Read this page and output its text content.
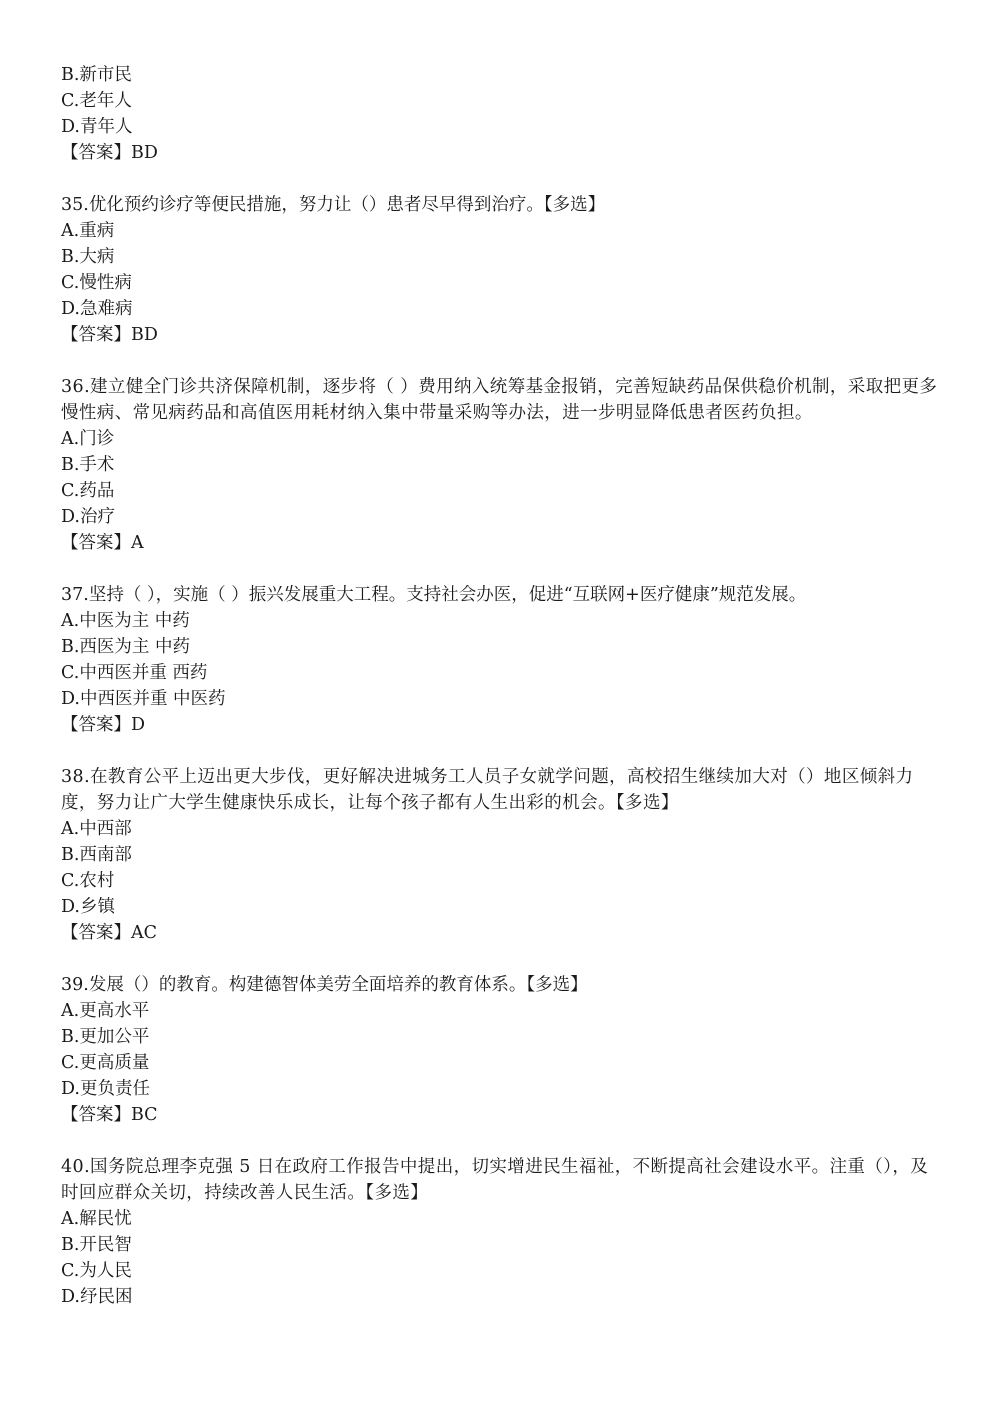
B.新市民
C.老年人
D.青年人
【答案】BD
35.优化预约诊疗等便民措施，努力让（）患者尽早得到治疗。【多选】
A.重病
B.大病
C.慢性病
D.急难病
【答案】BD
36.建立健全门诊共济保障机制，逐步将（ ）费用纳入统筹基金报销，完善短缺药品保供稳价机制，采取把更多慢性病、常见病药品和高值医用耗材纳入集中带量采购等办法，进一步明显降低患者医药负担。
A.门诊
B.手术
C.药品
D.治疗
【答案】A
37.坚持（ ），实施（ ）振兴发展重大工程。支持社会办医，促进“互联网+医疗健康”规范发展。
A.中医为主 中药
B.西医为主 中药
C.中西医并重 西药
D.中西医并重 中医药
【答案】D
38.在教育公平上迈出更大步伐，更好解决进城务工人员子女就学问题，高校招生继续加大对（）地区倾斜力度，努力让广大学生健康快乐成长，让每个孩子都有人生出彩的机会。【多选】
A.中西部
B.西南部
C.农村
D.乡镇
【答案】AC
39.发展（）的教育。构建德智体美劳全面培养的教育体系。【多选】
A.更高水平
B.更加公平
C.更高质量
D.更负责任
【答案】BC
40.国务院总理李克强 5 日在政府工作报告中提出，切实增进民生福祉，不断提高社会建设水平。注重（），及时回应群众关切，持续改善人民生活。【多选】
A.解民忧
B.开民智
C.为人民
D.纾民困
